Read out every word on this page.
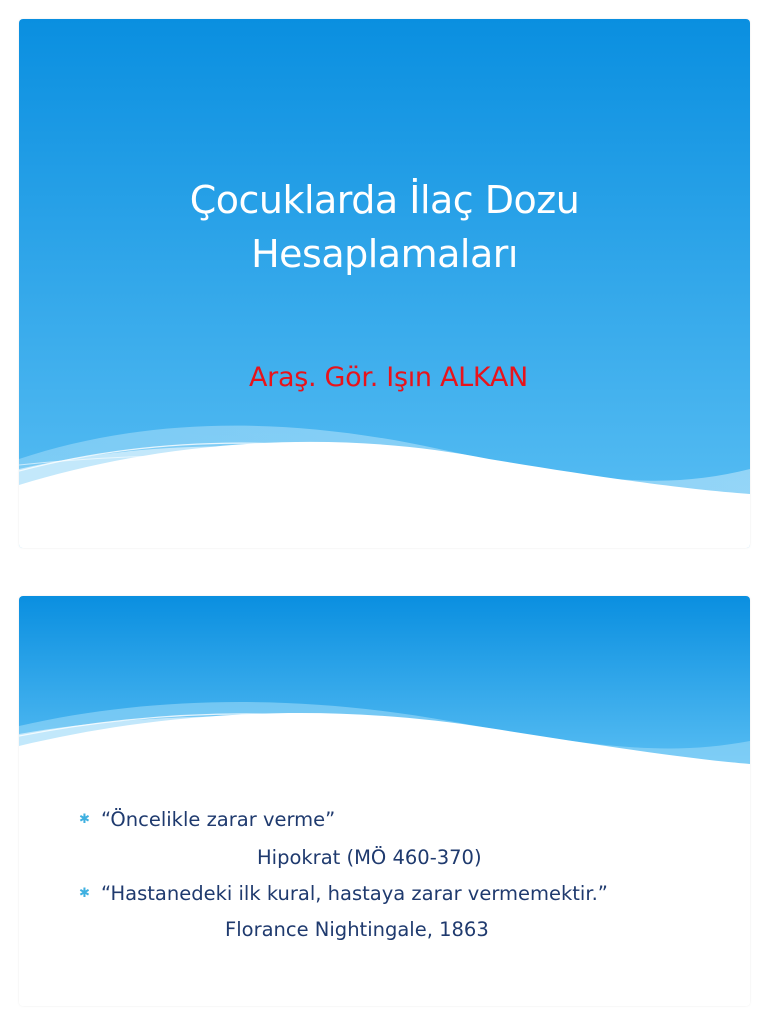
Çocuklarda İlaç Dozu
Hesaplamaları
Araş. Gör. Işın ALKAN
✱ “Öncelikle zarar verme”
Hipokrat (MÖ 460-370)
✱ “Hastanedeki ilk kural, hastaya zarar vermemektir.”
Florance Nightingale, 1863
